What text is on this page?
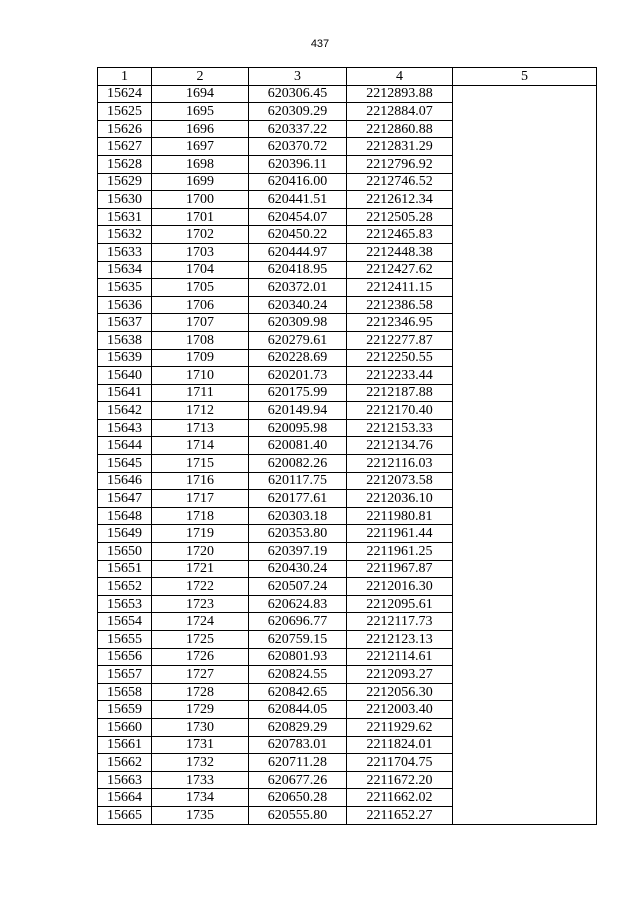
437
1	2	3	4	5
15624	1694	620306.45	2212893.88	
15625	1695	620309.29	2212884.07	
15626	1696	620337.22	2212860.88	
15627	1697	620370.72	2212831.29	
15628	1698	620396.11	2212796.92	
15629	1699	620416.00	2212746.52	
15630	1700	620441.51	2212612.34	
15631	1701	620454.07	2212505.28	
15632	1702	620450.22	2212465.83	
15633	1703	620444.97	2212448.38	
15634	1704	620418.95	2212427.62	
15635	1705	620372.01	2212411.15	
15636	1706	620340.24	2212386.58	
15637	1707	620309.98	2212346.95	
15638	1708	620279.61	2212277.87	
15639	1709	620228.69	2212250.55	
15640	1710	620201.73	2212233.44	
15641	1711	620175.99	2212187.88	
15642	1712	620149.94	2212170.40	
15643	1713	620095.98	2212153.33	
15644	1714	620081.40	2212134.76	
15645	1715	620082.26	2212116.03	
15646	1716	620117.75	2212073.58	
15647	1717	620177.61	2212036.10	
15648	1718	620303.18	2211980.81	
15649	1719	620353.80	2211961.44	
15650	1720	620397.19	2211961.25	
15651	1721	620430.24	2211967.87	
15652	1722	620507.24	2212016.30	
15653	1723	620624.83	2212095.61	
15654	1724	620696.77	2212117.73	
15655	1725	620759.15	2212123.13	
15656	1726	620801.93	2212114.61	
15657	1727	620824.55	2212093.27	
15658	1728	620842.65	2212056.30	
15659	1729	620844.05	2212003.40	
15660	1730	620829.29	2211929.62	
15661	1731	620783.01	2211824.01	
15662	1732	620711.28	2211704.75	
15663	1733	620677.26	2211672.20	
15664	1734	620650.28	2211662.02	
15665	1735	620555.80	2211652.27	
